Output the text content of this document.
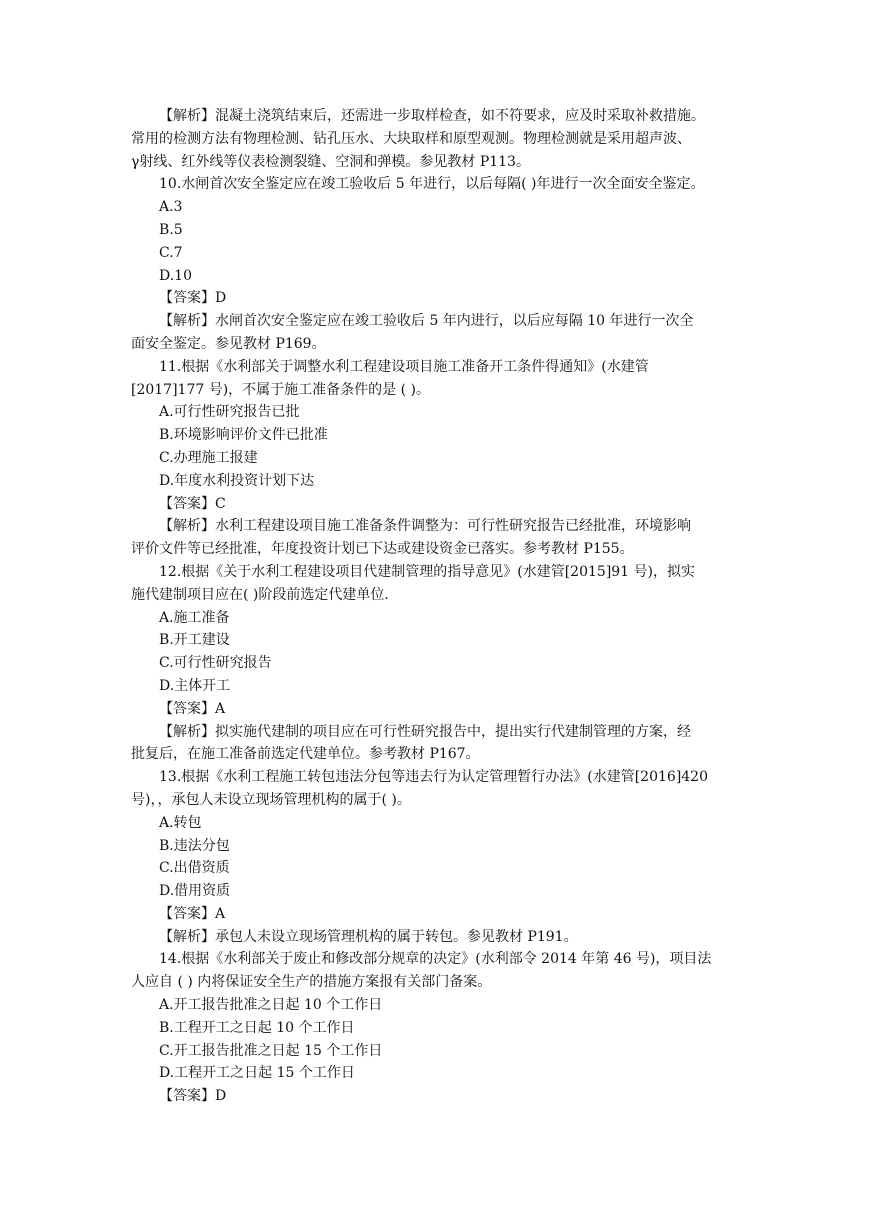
【解析】混凝土浇筑结束后，还需进一步取样检查，如不符要求，应及时采取补救措施。
常用的检测方法有物理检测、钻孔压水、大块取样和原型观测。物理检测就是采用超声波、
γ射线、红外线等仪表检测裂缝、空洞和弹模。参见教材 P113。
10.水闸首次安全鉴定应在竣工验收后 5 年进行，以后每隔( )年进行一次全面安全鉴定。
A.3
B.5
C.7
D.10
【答案】D
【解析】水闸首次安全鉴定应在竣工验收后 5 年内进行，以后应每隔 10 年进行一次全
面安全鉴定。参见教材 P169。
11.根据《水利部关于调整水利工程建设项目施工准备开工条件得通知》(水建管
[2017]177 号)，不属于施工准备条件的是 ( )。
A.可行性研究报告已批
B.环境影响评价文件已批准
C.办理施工报建
D.年度水利投资计划下达
【答案】C
【解析】水利工程建设项目施工准备条件调整为：可行性研究报告已经批准，环境影响
评价文件等已经批准，年度投资计划已下达或建设资金已落实。参考教材 P155。
12.根据《关于水利工程建设项目代建制管理的指导意见》(水建管[2015]91 号)，拟实
施代建制项目应在( )阶段前选定代建单位.
A.施工准备
B.开工建设
C.可行性研究报告
D.主体开工
【答案】A
【解析】拟实施代建制的项目应在可行性研究报告中，提出实行代建制管理的方案，经
批复后，在施工准备前选定代建单位。参考教材 P167。
13.根据《水利工程施工转包违法分包等违去行为认定管理暂行办法》(水建管[2016]420
号)，，承包人未设立现场管理机构的属于( )。
A.转包
B.违法分包
C.出借资质
D.借用资质
【答案】A
【解析】承包人未设立现场管理机构的属于转包。参见教材 P191。
14.根据《水利部关于废止和修改部分规章的决定》(水利部令 2014 年第 46 号)，项目法
人应自 ( ) 内将保证安全生产的措施方案报有关部门备案。
A.开工报告批准之日起 10 个工作日
B.工程开工之日起 10 个工作日
C.开工报告批准之日起 15 个工作日
D.工程开工之日起 15 个工作日
【答案】D
